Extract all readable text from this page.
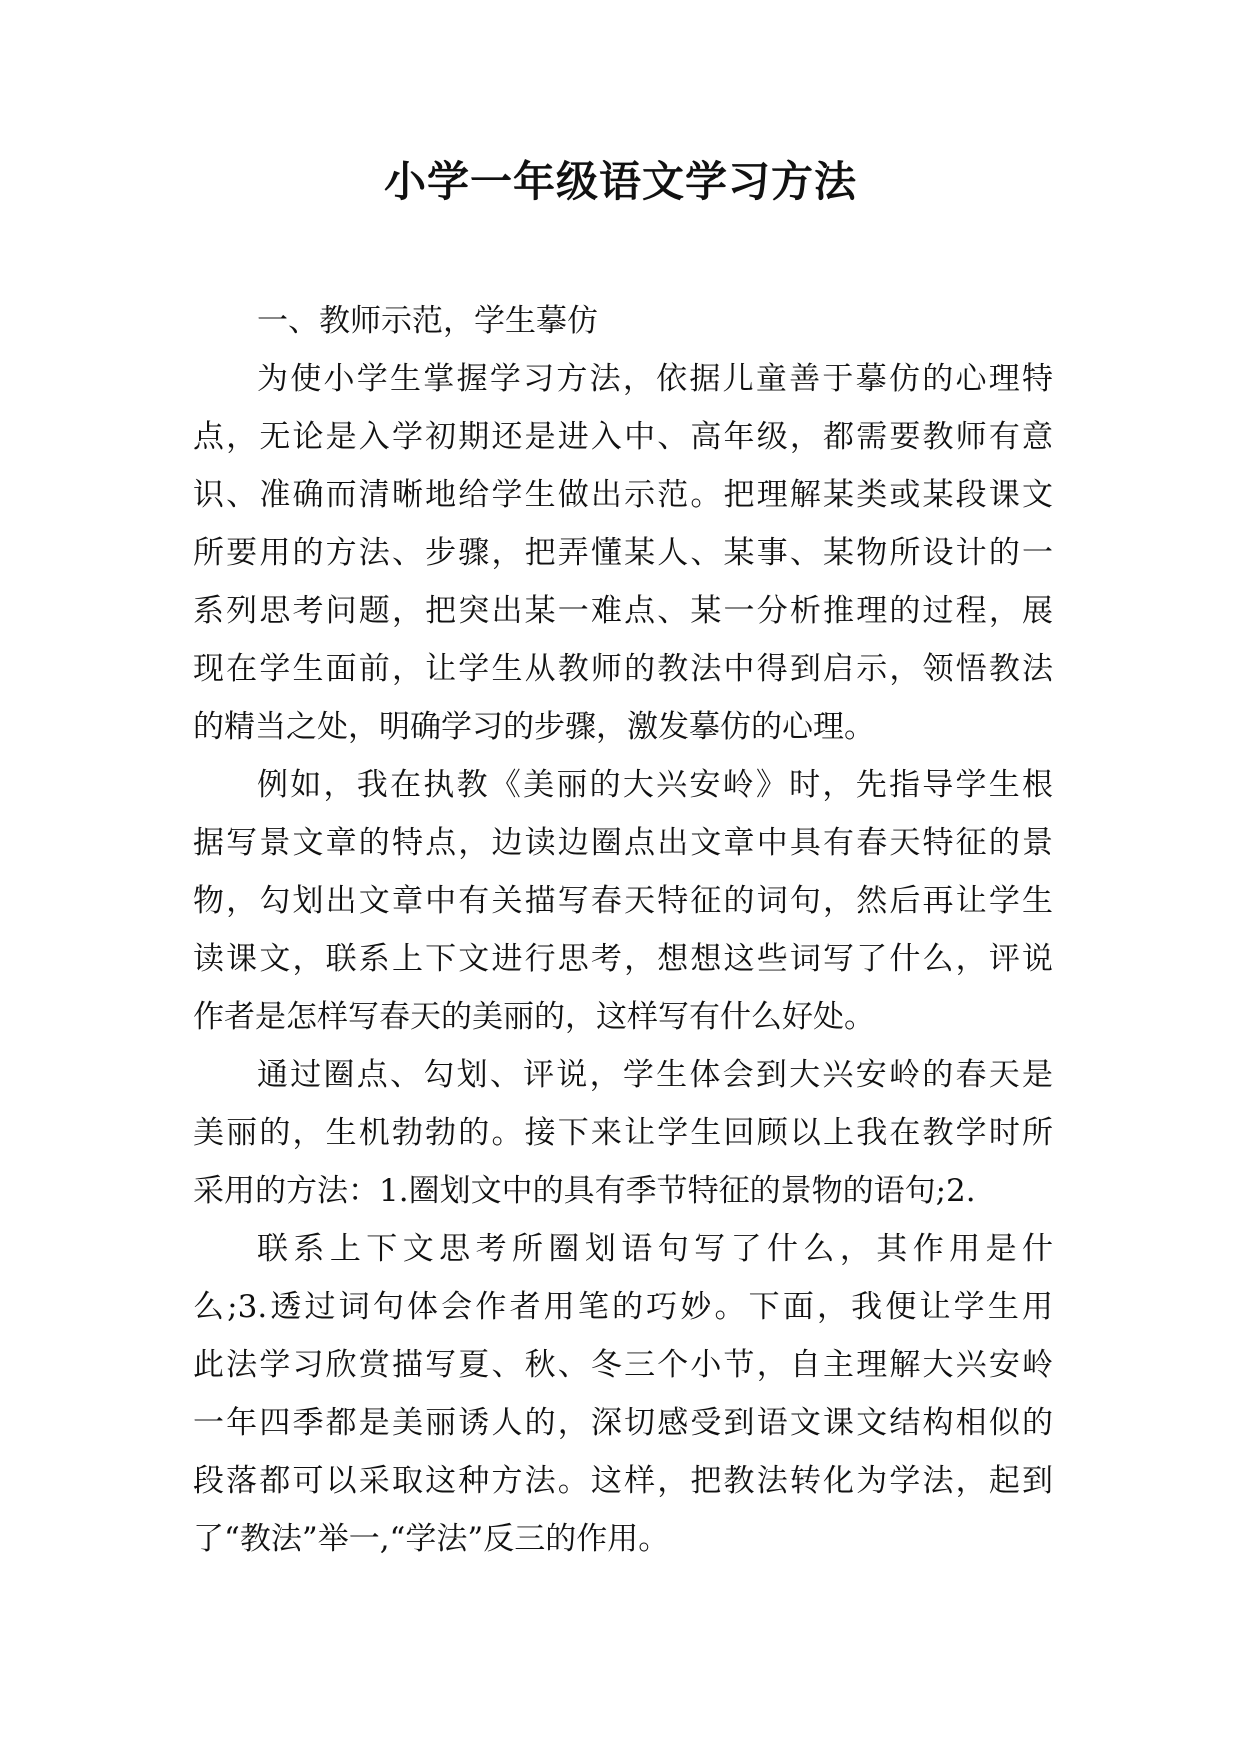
小学一年级语文学习方法
一、教师示范，学生摹仿
为使小学生掌握学习方法，依据儿童善于摹仿的心理特
点，无论是入学初期还是进入中、高年级，都需要教师有意
识、准确而清晰地给学生做出示范。把理解某类或某段课文
所要用的方法、步骤，把弄懂某人、某事、某物所设计的一
系列思考问题，把突出某一难点、某一分析推理的过程，展
现在学生面前，让学生从教师的教法中得到启示，领悟教法
的精当之处，明确学习的步骤，激发摹仿的心理。
例如，我在执教《美丽的大兴安岭》时，先指导学生根
据写景文章的特点，边读边圈点出文章中具有春天特征的景
物，勾划出文章中有关描写春天特征的词句，然后再让学生
读课文，联系上下文进行思考，想想这些词写了什么，评说
作者是怎样写春天的美丽的，这样写有什么好处。
通过圈点、勾划、评说，学生体会到大兴安岭的春天是
美丽的，生机勃勃的。接下来让学生回顾以上我在教学时所
采用的方法：1.圈划文中的具有季节特征的景物的语句;2.
联系上下文思考所圈划语句写了什么，其作用是什
么;3.透过词句体会作者用笔的巧妙。下面，我便让学生用
此法学习欣赏描写夏、秋、冬三个小节，自主理解大兴安岭
一年四季都是美丽诱人的，深切感受到语文课文结构相似的
段落都可以采取这种方法。这样，把教法转化为学法，起到
了“教法”举一,“学法”反三的作用。
